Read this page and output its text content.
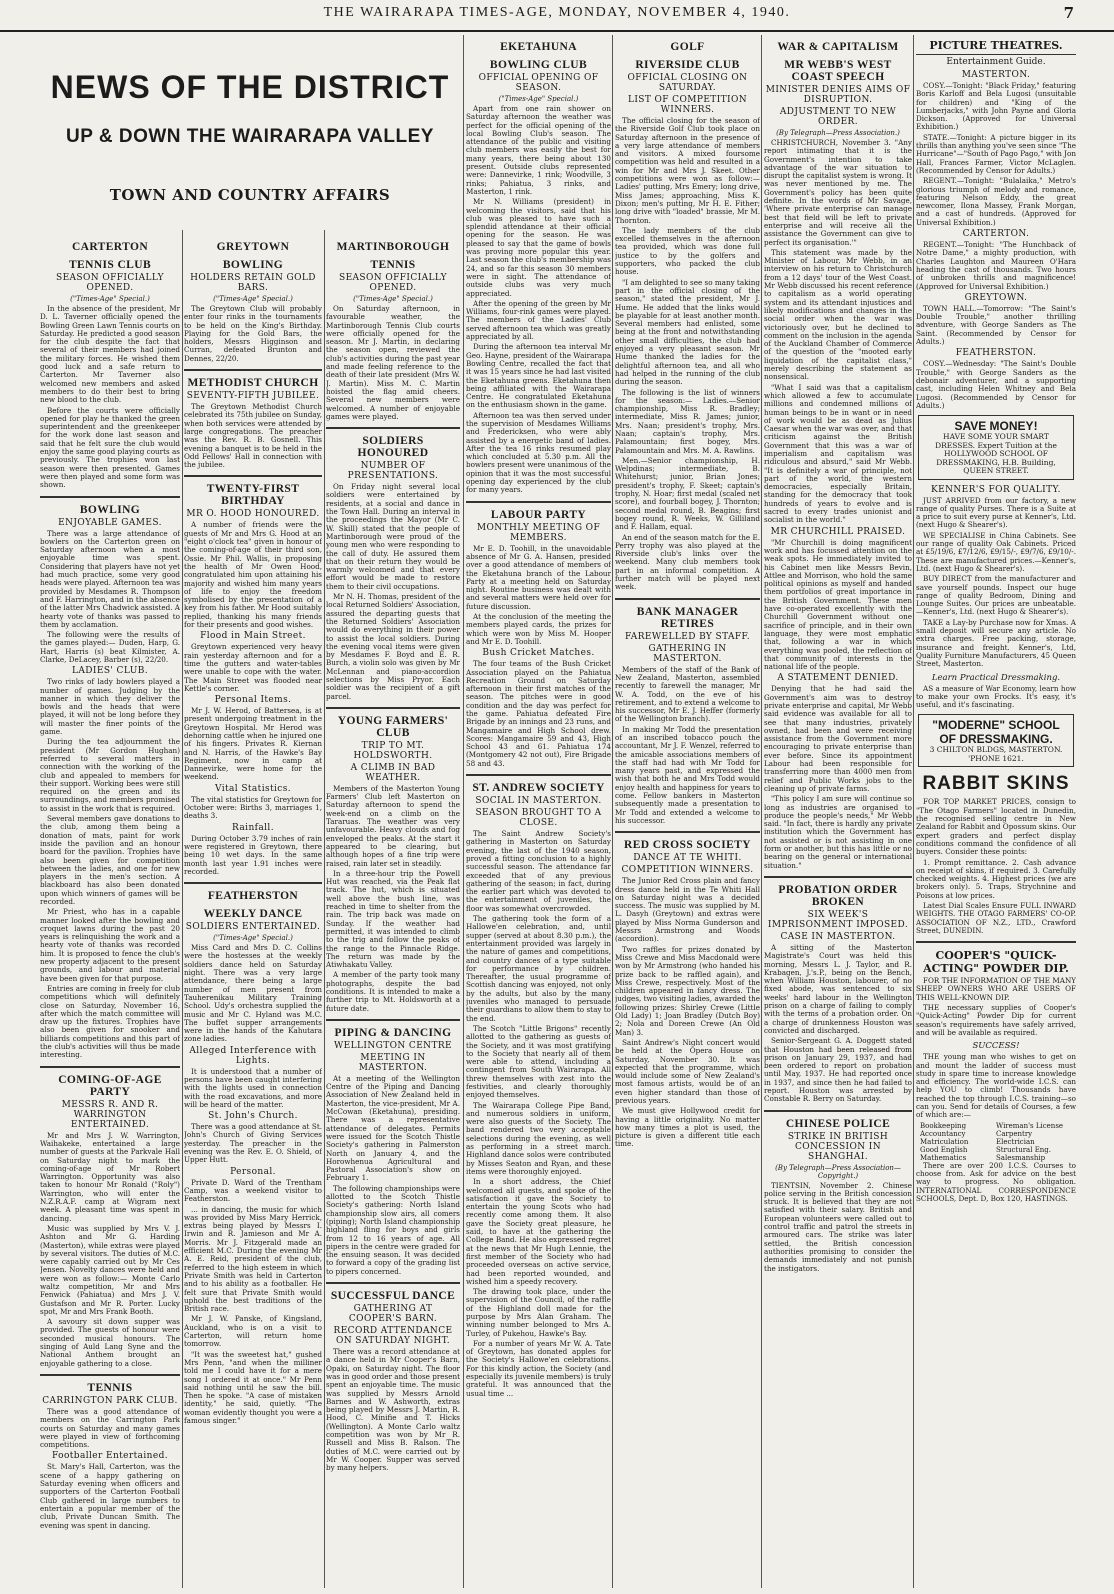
THE WAIRARAPA TIMES-AGE, MONDAY, NOVEMBER 4, 1940.	7
NEWS OF THE DISTRICT
UP & DOWN THE WAIRARAPA VALLEY
TOWN AND COUNTRY AFFAIRS
CARTERTON
TENNIS CLUB
SEASON OFFICIALLY OPENED.
("Times-Age" Special.)

In the absence of the president, Mr D. L. Taverner officially opened the Bowling Green Lawn Tennis courts on Saturday. He predicted a good season for the club despite the fact that several of their members had joined the military forces. He wished them good luck and a safe return to Carterton. Mr Taverner also welcomed new members and asked members to do their best to bring new blood to the club.

Before the courts were officially opened for play he thanked the green superintendent and the greenkeeper for the work done last season and said that he felt sure the club would enjoy the same good playing courts as previously. The trophies won last season were then presented. Games were then played and some form was shown.

BOWLING
ENJOYABLE GAMES.

There was a large attendance of bowlers on the Carterton green on Saturday afternoon when a most enjoyable time was spent. Considering that players have not yet had much practice, some very good heads were played. Afternoon tea was provided by Mesdames R. Thompson and F. Harrington, and in the absence of the latter Mrs Chadwick assisted. A hearty vote of thanks was passed to them by acclamation.

The following were the results of the games played:— Duden, Harp, G. Hart, Harris (s) beat Kilmister, A. Clarke, DeLacey, Barber (s), 22/20.

LADIES' CLUB.

Two rinks of lady bowlers played a number of games. Judging by the manner in which they deliver the bowls and the heads that were played, it will not be long before they will master the finer points of the game.

During the tea adjournment the president (Mr Gordon Hughan) referred to several matters in connection with the working of the club and appealed to members for their support. Working bees were still required on the green and its surroundings, and members promised to assist in the work that is required.

Several members gave donations to the club, among them being a donation of mats, paint for work inside the pavilion and an honour board for the pavilion. Trophies have also been given for competition between the ladies, and one for new players in the men's section. A blackboard has also been donated upon which winners of games will be recorded.

Mr Priest, who has in a capable manner looked after the bowling and croquet lawns during the past 20 years is relinquishing the work and a hearty vote of thanks was recorded him. It is proposed to fence the club's new property adjacent to the present grounds, and labour and material have been given for that purpose.

Entries are coming in freely for club competitions which will definitely close on Saturday, November 16, after which the match committee will draw up the fixtures. Trophies have also been given for snooker and billiards competitions and this part of the club's activities will thus be made interesting.

COMING-OF-AGE PARTY
MESSRS R. AND R. WARRINGTON ENTERTAINED.

Mr and Mrs J. W. Warrington, Waihakeke, entertained a large number of guests at the Parkvale Hall on Saturday night to mark the coming-of-age of Mr Robert Warrington. Opportunity was also taken to honour Mr Ronald ("Roly") Warrington, who will enter the N.Z.R.A.F. camp at Wigram next week. A pleasant time was spent in dancing.

Music was supplied by Mrs V. J. Ashton and Mr G. Harding (Masterton), while extras were played by several visitors. The duties of M.C. were capably carried out by Mr Ces Jensen. Novelty dances were held and were won as follow:— Monte Carlo waltz competition, Mr and Mrs Fenwick (Pahiatua) and Mrs J. V. Gustafson and Mr R. Porter. Lucky spot, Mr and Mrs Frank Booth.

A savoury sit down supper was provided. The guests of honour were seconded musical honours. The singing of Auld Lang Syne and the National Anthem brought an enjoyable gathering to a close.

TENNIS
CARRINGTON PARK CLUB.

There was a good attendance of members on the Carrington Park courts on Saturday and many games were played in view of forthcoming competitions.

Footballer Entertained.

St. Mary's Hall, Carterton, was the scene of a happy gathering on Saturday evening when officers and supporters of the Carterton Football Club gathered in large numbers to entertain a popular member of the club, Private Duncan Smith. The evening was spent in dancing.

GREYTOWN
BOWLING
HOLDERS RETAIN GOLD BARS.
("Times-Age" Special.)

The Greytown Club will probably enter four rinks in the tournaments to be held on the King's Birthday. Playing for the Gold Bars, the holders, Messrs Higginson and Curran, defeated Brunton and Dennes, 22/20.

METHODIST CHURCH
SEVENTY-FIFTH JUBILEE.

The Greytown Methodist Church celebrated its 75th jubilee on Sunday, when both services were attended by large congregations. The preacher was the Rev. R. B. Gosnell. This evening a banquet is to be held in the Odd Fellows' Hall in connection with the jubilee.

TWENTY-FIRST BIRTHDAY
MR O. HOOD HONOURED.

A number of friends were the guests of Mr and Mrs G. Hood at an "eight o'clock tea" given in honour of the coming-of-age of their third son, Ossie. Mr Phil. Wallis, in proposing the health of Mr Owen Hood, congratulated him upon attaining his majority and wished him many years of life to enjoy the freedom symbolised by the presentation of a key from his father. Mr Hood suitably replied, thanking his many friends for their presents and good wishes.

Flood in Main Street.

Greytown experienced very heavy rain yesterday afternoon and for a time the gutters and water-tables were unable to cope with the water. The Main Street was flooded near Kettle's corner.

Personal Items.

Mr J. W. Herod, of Battersea, is at present undergoing treatment in the Greytown Hospital. Mr Herod was dehorning cattle when he injured one of his fingers. Privates R. Kiernan and N. Harris, of the Hawke's Bay Regiment, now in camp at Dannevirke, were home for the weekend.

Vital Statistics.

The vital statistics for Greytown for October were: Births 3, marriages 1, deaths 3.

Rainfall.

During October 3.79 inches of rain were registered in Greytown, there being 10 wet days. In the same month last year 1.91 inches were recorded.

FEATHERSTON
WEEKLY DANCE
SOLDIERS ENTERTAINED.
("Times-Age" Special.)

Miss Card and Mrs D. C. Collins were the hostesses at the weekly soldiers dance held on Saturday night. There was a very large attendance, there being a large number of men present from Tauherenikau Military Training School. Udy's orchestra supplied the music and Mr C. Hyland was M.C. The buffet supper arrangements were in the hands of the Kahutara zone ladies.

Alleged Interference with Lights.

It is understood that a number of persons have been caught interfering with the lights used in connection with the road excavations, and more will be heard of the matter.

St. John's Church.

There was a good attendance at St. John's Church of Giving Services yesterday. The preacher in the evening was the Rev. E. O. Shield, of Upper Hutt.

Personal.

Private D. Ward of the Trentham Camp, was a weekend visitor to Featherston.

... in dancing, the music for which was provided by Miss Mary Herrick, extras being played by Messrs I. Irwin and R. Jamieson and Mr A. Morris. Mr J. Fitzgerald made an efficient M.C. During the evening Mr A. E. Reid, president of the club, referred to the high esteem in which Private Smith was held in Carterton and to his ability as a footballer. He felt sure that Private Smith would uphold the best traditions of the British race.

Mr J. W. Panske, of Kingsland, Auckland, who is on a visit to Carterton, will return home tomorrow.

"It was the sweetest hat," gushed Mrs Penn, "and when the milliner told me I could have it for a mere song I ordered it at once." Mr Penn said nothing until he saw the bill. Then he spoke. "A case of mistaken identity," he said, quietly. "The woman evidently thought you were a famous singer."

MARTINBOROUGH
TENNIS
SEASON OFFICIALLY OPENED.
("Times-Age" Special.)

On Saturday afternoon, in favourable weather, the Martinborough Tennis Club courts were officially opened for the season. Mr J. Martin, in declaring the season open, reviewed the club's activities during the past year and made feeling reference to the death of their late president (Mrs W. J. Martin). Miss M. C. Martin hoisted the flag amid cheers. Several new members were welcomed. A number of enjoyable games were played.

SOLDIERS HONOURED
NUMBER OF PRESENTATIONS.

On Friday night several local soldiers were entertained by residents, at a social and dance in the Town Hall. During an interval in the proceedings the Mayor (Mr C. W. Skill) stated that the people of Martinborough were proud of the young men who were responding to the call of duty. He assured them that on their return they would be warmly welcomed and that every effort would be made to restore them to their civil occupations.

Mr N. H. Thomas, president of the local Returned Soldiers' Association, assured the departing guests that the Returned Soldiers' Association would do everything in their power to assist the local soldiers. During the evening vocal items were given by Mesdames F. Boyd and E. R. Burch, a violin solo was given by Mr McLennan and piano-accordion selections by Miss Pryor. Each soldier was the recipient of a gift parcel.

YOUNG FARMERS' CLUB
TRIP TO MT. HOLDSWORTH.
A CLIMB IN BAD WEATHER.

Members of the Masterton Young Farmers' Club left Masterton on Saturday afternoon to spend the week-end on a climb on the Tararuas. The weather was very unfavourable. Heavy clouds and fog enveloped the peaks. At the start it appeared to be clearing, but although hopes of a fine trip were raised, rain later set in steadily.

In a three-hour trip the Powell Hut was reached, via the Peak flat track. The hut, which is situated well above the bush line, was reached in time to shelter from the rain. The trip back was made on Sunday. If the weather had permitted, it was intended to climb to the trig and follow the peaks of the range to the Pinnacle Ridge. The return was made by the Atiwhakatu Valley.

A member of the party took many photographs, despite the bad conditions. It is intended to make a further trip to Mt. Holdsworth at a future date.

PIPING & DANCING
WELLINGTON CENTRE
MEETING IN MASTERTON.

At a meeting of the Wellington Centre of the Piping and Dancing Association of New Zealand held in Masterton, the vice-president, Mr A. McCowan (Eketahuna), presiding. There was a representative attendance of delegates. Permits were issued for the Scotch Thistle Society's gathering in Palmerston North on January 4, and the Horowhenua Agricultural and Pastoral Association's show on February 1.

The following championships were allotted to the Scotch Thistle Society's gathering: North Island championship slow airs, all comers (piping); North Island championship highland fling for boys and girls from 12 to 16 years of age. All pipers in the centre were graded for the ensuing season. It was decided to forward a copy of the grading list to pipers concerned.

SUCCESSFUL DANCE
GATHERING AT COOPER'S BARN.
RECORD ATTENDANCE ON SATURDAY NIGHT.

There was a record attendance at a dance held in Mr Cooper's Barn, Opaki, on Saturday night. The floor was in good order and those present spent an enjoyable time. The music was supplied by Messrs Arnold Barnes and W. Ashworth, extras being played by Messrs J. Martin, R. Hood, C. Minifie and T. Hicks (Wellington). A Monte Carlo waltz competition was won by Mr R. Russell and Miss B. Ralson. The duties of M.C. were carried out by Mr W. Cooper. Supper was served by many helpers.

EKETAHUNA
BOWLING CLUB
OFFICIAL OPENING OF SEASON.
("Times-Age" Special.)

Apart from one rain shower on Saturday afternoon the weather was perfect for the official opening of the local Bowling Club's season. The attendance of the public and visiting club members was easily the best for many years, there being about 130 present. Outside clubs represented were: Dannevirke, 1 rink; Woodville, 3 rinks; Pahiatua, 3 rinks, and Masterton, 1 rink.

Mr N. Williams (president) in welcoming the visitors, said that his club was pleased to have such a splendid attendance at their official opening for the season. He was pleased to say that the game of bowls was proving more popular this year. Last season the club's membership was 24, and so far this season 30 members were in sight. The attendance of outside clubs was very much appreciated.

After the opening of the green by Mr Williams, four-rink games were played. The members of the Ladies' Club served afternoon tea which was greatly appreciated by all.

During the afternoon tea interval Mr Geo. Hayne, president of the Wairarapa Bowling Centre, recalled the fact that it was 15 years since he had last visited the Eketahuna greens. Eketahuna then being affiliated with the Wairarapa Centre. He congratulated Eketahuna on the enthusiasm shown in the game.

Afternoon tea was then served under the supervision of Mesdames Williams and Fredericksen, who were ably assisted by a energetic band of ladies. After the tea 16 rinks resumed play which concluded at 5.30 p.m. All the bowlers present were unanimous of the opinion that it was the most successful opening day experienced by the club for many years.

LABOUR PARTY
MONTHLY MEETING OF MEMBERS.

Mr E. D. Toohill, in the unavoidable absence of Mr G. A. Hansen, presided over a good attendance of members of the Eketahuna branch of the Labour Party at a meeting held on Saturday night. Routine business was dealt with and several matters were held over for future discussion.

At the conclusion of the meeting the members played cards, the prizes for which were won by Miss M. Hooper and Mr E. D. Toohill.

Bush Cricket Matches.

The four teams of the Bush Cricket Association played on the Pahiatua Recreation Ground on Saturday afternoon in their first matches of the season. The pitches were in good condition and the day was perfect for the game. Pahiatua defeated Fire Brigade by an innings and 23 runs, and Mangamaire and High School drew. Scores: Mangamaire 59 and 43, High School 43 and 61. Pahiatua 174 (Montgomery 42 not out), Fire Brigade 58 and 43.

ST. ANDREW SOCIETY
SOCIAL IN MASTERTON.
SEASON BROUGHT TO A CLOSE.

The Saint Andrew Society's gathering in Masterton on Saturday evening, the last of the 1940 season, proved a fitting conclusion to a highly successful season. The attendance far exceeded that of any previous gathering of the season; in fact, during the earlier part which was devoted to the entertainment of juveniles, the floor was somewhat overcrowded.

The gathering took the form of a Hallowe'en celebration, and, until supper (served at about 8.30 p.m.), the entertainment provided was largely in the nature of games and competitions, and country dances of a type suitable for performance by children. Thereafter, the usual programme of Scottish dancing was enjoyed, not only by the adults, but also by the many juveniles who managed to persuade their guardians to allow them to stay to the end.

The Scotch "Little Brigons" recently allotted to the gathering as guests of the Society, and it was most gratifying to the Society that nearly all of them were able to attend, including a contingent from South Wairarapa. All threw themselves with zest into the festivities, and clearly thoroughly enjoyed themselves.

The Wairarapa College Pipe Band, and numerous soldiers in uniform, were also guests of the Society. The band rendered two very acceptable selections during the evening, as well as performing in a street march. Highland dance solos were contributed by Misses Seaton and Ryan, and these items were thoroughly enjoyed.

In a short address, the Chief welcomed all guests, and spoke of the satisfaction it gave the Society to entertain the young Scots who had recently come among them. It also gave the Society great pleasure, he said, to have at the gathering the College Band. He also expressed regret at the news that Mr Hugh Lennie, the first member of the Society who had proceeded overseas on active service, had been reported wounded, and wished him a speedy recovery.

The drawing took place, under the supervision of the Council, of the raffle of the Highland doll made for the purpose by Mrs Alan Graham. The winning number belonged to Mrs A. Turley, of Pukehou, Hawke's Bay.

For a number of years Mr W. A. Tate of Greytown, has donated apples for the Society's Hallowe'en celebrations. For this kindly action, the Society (and especially its juvenile members) is truly grateful. It was announced that the usual time ...

GOLF
RIVERSIDE CLUB
OFFICIAL CLOSING ON SATURDAY.
LIST OF COMPETITION WINNERS.

The official closing for the season of the Riverside Golf Club took place on Saturday afternoon in the presence of a very large attendance of members and visitors. A mixed foursome competition was held and resulted in a win for Mr and Mrs J. Skeet. Other competitions were won as follow:— Ladies' putting, Mrs Emery; long drive, Miss James; approaching, Miss K. Dixon; men's putting, Mr H. E. Fither; long drive with "loaded" brassie, Mr M. Thornton.

The lady members of the club excelled themselves in the afternoon tea provided, which was done full justice to by the golfers and supporters, who packed the club house.

"I am delighted to see so many taking part in the official closing of the season," stated the president, Mr J. Hume. He added that the links would be playable for at least another month. Several members had enlisted, some being at the front and notwithstanding other small difficulties, the club had enjoyed a very pleasant season. Mr Hume thanked the ladies for the delightful afternoon tea, and all who had helped in the running of the club during the season.

The following is the list of winners for the season:— Ladies.—Senior championship, Miss R. Bradley; intermediate, Miss R. James; junior, Mrs. Naan; president's trophy, Mrs. Naan; captain's trophy, Mrs. Palamountain; first bogey, Mrs. Palamountain and Mrs. M. A. Rawlins.

Men.—Senior championship, H. Welpdinas; intermediate, B. Whitehurst; junior, Brian Jones; president's trophy, F. Skeet; captain's trophy, N. Hoar; first medal (scaled net score), and fourball bogey, J. Thornton; second medal round, B. Beagins; first bogey round, R. Weeks, W. Gilliland and F. Hallam, equal.

An end of the season match for the E. Perry trophy was also played at the Riverside club's links over the weekend. Many club members took part in an informal competition. A further match will be played next week.

BANK MANAGER RETIRES
FAREWELLED BY STAFF.
GATHERING IN MASTERTON.

Members of the staff of the Bank of New Zealand, Masterton, assembled recently to farewell the manager, Mr W. A. Todd, on the eve of his retirement, and to extend a welcome to his successor, Mr E. J. Heffer (formerly of the Wellington branch).

In making Mr Todd the presentation of an inscribed tobacco pouch the accountant, Mr J. F. Wenzel, referred to the amicable associations members of the staff had had with Mr Todd for many years past, and expressed the wish that both he and Mrs Todd would enjoy health and happiness for years to come. Fellow bankers in Masterton subsequently made a presentation to Mr Todd and extended a welcome to his successor.

RED CROSS SOCIETY
DANCE AT TE WHITI.
COMPETITION WINNERS.

The Junior Red Cross plain and fancy dress dance held in the Te Whiti Hall on Saturday night was a decided success. The music was supplied by M. L. Dasyh (Greytown) and extras were played by Miss Norma Gunderson and Messrs Armstrong and Woods (accordion).

Two raffles for prizes donated by Miss Crewe and Miss Macdonald were won by Mr Armstrong (who handed his prize back to be raffled again), and Miss Crewe, respectively. Most of the children appeared in fancy dress. The judges, two visiting ladies, awarded the following prizes: Shirley Crewe (Little Old Lady) 1; Joan Bradley (Dutch Boy) 2; Nola and Doreen Crewe (An Old Man) 3.

Saint Andrew's Night concert would be held at the Opera House on Saturday, November 30. It was expected that the programme, which would include some of New Zealand's most famous artists, would be of an even higher standard than those of previous years.

We must give Hollywood credit for having a little originality. No matter how many times a plot is used, the picture is given a different title each time.

WAR & CAPITALISM
MR WEBB'S WEST COAST SPEECH
MINISTER DENIES AIMS OF DISRUPTION.
ADJUSTMENT TO NEW ORDER.
(By Telegraph—Press Association.)

CHRISTCHURCH, November 3. "Any report intimating that it is the Government's intention to take advantage of the war situation to disrupt the capitalist system is wrong. It was never mentioned by me. The Government's policy has been quite definite. In the words of Mr Savage, 'Where private enterprise can manage best that field will be left to private enterprise and will receive all the assistance the Government can give to perfect its organisation.'"

This statement was made by the Minister of Labour, Mr Webb, in an interview on his return to Christchurch from a 12 days' tour of the West Coast. Mr Webb discussed his recent reference to capitalism as a world operating system and its attendant injustices and likely modifications and changes in the social order when the war was victoriously over, but he declined to comment on the inclusion in the agenda of the Auckland Chamber of Commerce of the question of the "mooted early liquidation of the capitalist class," merely describing the statement as nonsensical.

"What I said was that a capitalism which allowed a few to accumulate millions and condemned millions of human beings to be in want or in need of work would be as dead as Julius Caesar when the war was over, and that criticism against the British Government that this was a war of imperialism and capitalism was ridiculous and absurd," said Mr Webb. "It is definitely a war of principle, not part of the world, the western democracies, especially Britain, standing for the democracy that took hundreds of years to evolve and is sacred to every trades unionist and socialist in the world."

MR CHURCHILL PRAISED.

"Mr Churchill is doing magnificent work and has focussed attention on the weak spots. He immediately invited to his Cabinet men like Messrs Bevin, Attlee and Morrison, who hold the same political opinions as myself and handed them portfolios of great importance in the British Government. These men have co-operated excellently with the Churchill Government without one sacrifice of principle, and in their own language, they were most emphatic that, following a war in which everything was pooled, the reflection of that community of interests in the national life of the people.

A STATEMENT DENIED.

Denying that he had said the Government's aim was to destroy private enterprise and capital, Mr Webb said evidence was available for all to see that many industries, privately owned, had been and were receiving assistance from the Government more encouraging to private enterprise than ever before. Since its appointment Labour had been responsible for transferring more than 4000 men from relief and Public Works jobs to the cleaning up of private farms.

"This policy I am sure will continue so long as industries are organised to produce the people's needs," Mr Webb said. "In fact, there is hardly any private institution which the Government has not assisted or is not assisting in one form or another, but this has little or no bearing on the general or international situation."

PROBATION ORDER BROKEN
SIX WEEK'S IMPRISONMENT IMPOSED.
CASE IN MASTERTON.

A sitting of the Masterton Magistrate's Court was held this morning, Messrs L. J. Taylor, and R. Krabagen, J.'s.P., being on the Bench, when William Houston, labourer, of no fixed abode, was sentenced to six weeks' hard labour in the Wellington prison on a charge of failing to comply with the terms of a probation order. On a charge of drunkenness Houston was convicted and discharged.

Senior-Sergeant G. A. Doggett stated that Houston had been released from prison on January 29, 1937, and had been ordered to report on probation until May, 1937. He had reported once in 1937, and since then he had failed to report. Houston was arrested by Constable R. Berry on Saturday.

CHINESE POLICE
STRIKE IN BRITISH CONCESSION IN SHANGHAI.
(By Telegraph—Press Association—Copyright.)

TIENTSIN, November 2. Chinese police serving in the British concession struck. It is believed that they are not satisfied with their salary. British and European volunteers were called out to control traffic and patrol the streets in armoured cars. The strike was later settled, the British concession authorities promising to consider the demands immediately and not punish the instigators.

PICTURE THEATRES.
Entertainment Guide.
MASTERTON.

COSY.—Tonight: "Black Friday," featuring Boris Karloff and Bela Lugosi (unsuitable for children) and "King of the Lumberjacks," with John Payne and Gloria Dickson. (Approved for Universal Exhibition.)

STATE.—Tonight: A picture bigger in its thrills than anything you've seen since "The Hurricane"—"South of Pago Pago," with Jon Hall, Frances Farmer, Victor McLaglen. (Recommended by Censor for Adults.)

REGENT.—Tonight: "Bulalaika," Metro's glorious triumph of melody and romance, featuring Nelson Eddy, the great newcomer, Ilona Massey, Frank Morgan, and a cast of hundreds. (Approved for Universal Exhibition.)

CARTERTON.

REGENT.—Tonight: "The Hunchback of Notre Dame," a mighty production, with Charles Laughton and Maureen O'Hara heading the cast of thousands. Two hours of unbroken thrills and magnificence! (Approved for Universal Exhibition.)

GREYTOWN.

TOWN HALL.—Tomorrow: "The Saint's Double Trouble," another thrilling adventure, with George Sanders as The Saint. (Recommended by Censor for Adults.)

FEATHERSTON.

COSY.—Wednesday: "The Saint's Double Trouble," with George Sanders as the debonair adventurer, and a supporting cast, including Helen Whitney and Bela Lugosi. (Recommended by Censor for Adults.)

SAVE MONEY!
HAVE SOME YOUR SMART DRESSES. Expert Tuition at the HOLLYWOOD SCHOOL OF DRESSMAKING, H.B. Building, QUEEN STREET.
KENNER'S FOR QUALITY.

JUST ARRIVED from our factory, a new range of quality Purses. There is a Suite at a price to suit every purse at Kenner's, Ltd. (next Hugo & Shearer's).

WE SPECIALISE in China Cabinets. See our range of quality Oak Cabinets. Priced at £5/19/6, £7/12/6, £9/15/-, £9/7/6, £9/10/-. These are manufactured prices.—Kenner's, Ltd. (next Hugo & Shearer's).

BUY DIRECT from the manufacturer and save yourself pounds. Inspect our huge range of quality Bedroom, Dining and Lounge Suites. Our prices are unbeatable.—Kenner's, Ltd. (next Hugo & Shearer's).

TAKE a Lay-by Purchase now for Xmas. A small deposit will secure any article. No extra charges. Free packing, storage, insurance and freight. Kenner's, Ltd, Quality Furniture Manufacturers, 45 Queen Street, Masterton.

Learn Practical Dressmaking.

AS a measure of War Economy, learn how to make your own Frocks. It's easy, it's useful, and it's fascinating.

"MODERNE" SCHOOL OF DRESSMAKING.
3 CHILTON BLDGS, MASTERTON. 'PHONE 1621.
RABBIT SKINS

FOR TOP MARKET PRICES, consign to "The Otago Farmers" located in Dunedin, the recognised selling centre in New Zealand for Rabbit and Opossum skins. Our expert graders and perfect display conditions command the confidence of all buyers. Consider these points:

1. Prompt remittance. 2. Cash advance on receipt of skins, if required. 3. Carefully checked weights. 4. Highest prices (we are brokers only). 5. Traps, Strychnine and Poisons at low prices.

Latest Dial Scales Ensure FULL INWARD WEIGHTS. THE OTAGO FARMERS' CO-OP. ASSOCIATION OF N.Z., LTD., Crawford Street, DUNEDIN.

COOPER'S "QUICK-ACTING" POWDER DIP.

FOR THE INFORMATION OF THE MANY SHEEP OWNERS WHO ARE USERS OF THIS WELL-KNOWN DIP.

THE necessary supplies of Cooper's "Quick-Acting" Powder Dip for current season's requirements have safely arrived, and will be available as required.

SUCCESS!

THE young man who wishes to get on and mount the ladder of success must study in spare time to increase knowledge and efficiency. The world-wide I.C.S. can help YOU to climb! Thousands have reached the top through I.C.S. training—so can you. Send for details of Courses, a few of which are:—

Bookkeeping	Wireman's License
Accountancy	Carpentry
Matriculation	Electrician
Good English	Structural Eng.
Mathematics	Salesmanship

There are over 200 I.C.S. Courses to choose from. Ask for advice on the best way to progress. No obligation. INTERNATIONAL CORRESPONDENCE SCHOOLS, Dept. D, Box 120, HASTINGS.
